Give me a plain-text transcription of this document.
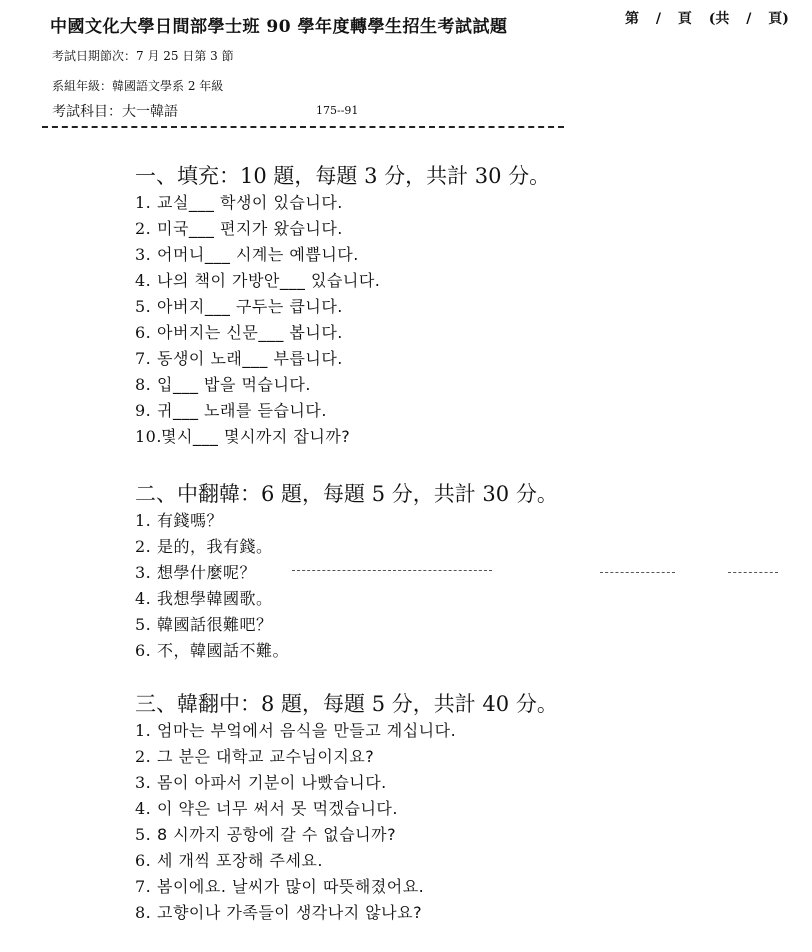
中國文化大學日間部學士班 90 學年度轉學生招生考試試題	第 / 頁 (共 / 頁)
考試日期節次：7 月 25 日第 3 節
系組年級：韓國語文學系 2 年級
考試科目：大一韓語	175--91
一、填充：10 題，每題 3 分，共計 30 分。
1. 교실___ 학생이 있습니다.
2. 미국___ 편지가 왔습니다.
3. 어머니___ 시계는 예쁩니다.
4. 나의 책이 가방안___ 있습니다.
5. 아버지___ 구두는 큽니다.
6. 아버지는 신문___ 봅니다.
7. 동생이 노래___ 부릅니다.
8. 입___ 밥을 먹습니다.
9. 귀___ 노래를 듣습니다.
10.몇시___ 몇시까지 잡니까?
二、中翻韓：6 題，每題 5 分，共計 30 分。
1. 有錢嗎？
2. 是的，我有錢。
3. 想學什麼呢？
4. 我想學韓國歌。
5. 韓國話很難吧？
6. 不，韓國話不難。
三、韓翻中：8 題，每題 5 分，共計 40 分。
1. 엄마는 부엌에서 음식을 만들고 계십니다.
2. 그 분은 대학교 교수님이지요?
3. 몸이 아파서 기분이 나빴습니다.
4. 이 약은 너무 써서 못 먹겠습니다.
5. 8 시까지 공항에 갈 수 없습니까?
6. 세 개씩 포장해 주세요.
7. 봄이에요. 날씨가 많이 따뜻해졌어요.
8. 고향이나 가족들이 생각나지 않나요?
